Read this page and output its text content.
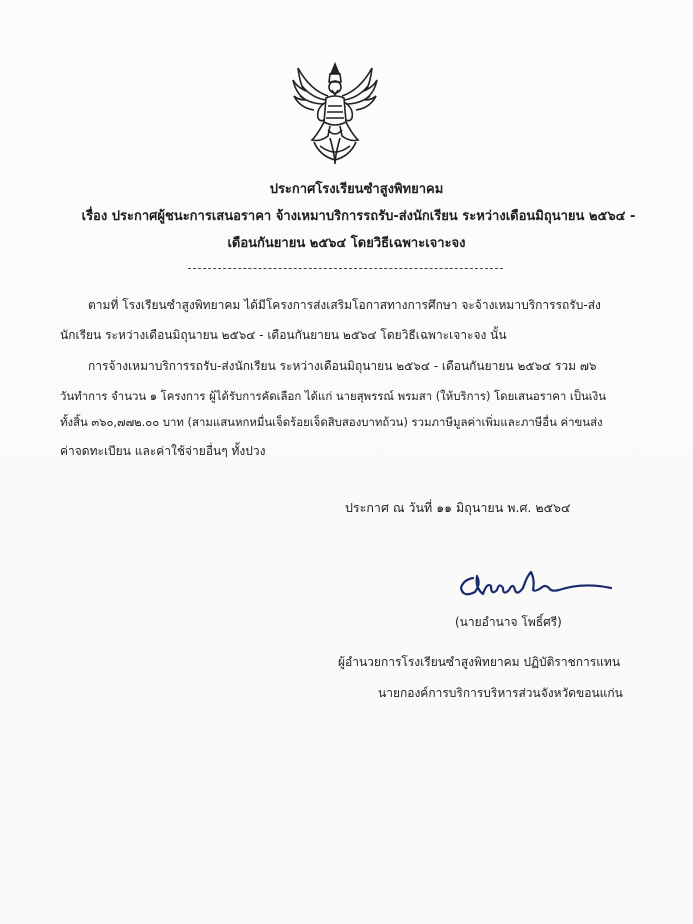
ประกาศโรงเรียนซำสูงพิทยาคม
เรื่อง ประกาศผู้ชนะการเสนอราคา จ้างเหมาบริการรถรับ-ส่งนักเรียน ระหว่างเดือนมิถุนายน ๒๕๖๔ -
เดือนกันยายน ๒๕๖๔ โดยวิธีเฉพาะเจาะจง
ตามที่ โรงเรียนซำสูงพิทยาคม ได้มีโครงการส่งเสริมโอกาสทางการศึกษา จะจ้างเหมาบริการรถรับ-ส่ง
นักเรียน ระหว่างเดือนมิถุนายน ๒๕๖๔ - เดือนกันยายน ๒๕๖๔ โดยวิธีเฉพาะเจาะจง นั้น
การจ้างเหมาบริการรถรับ-ส่งนักเรียน ระหว่างเดือนมิถุนายน ๒๕๖๔ - เดือนกันยายน ๒๕๖๔ รวม ๗๖
วันทำการ จำนวน ๑ โครงการ ผู้ได้รับการคัดเลือก ได้แก่ นายสุพรรณ์ พรมสา (ให้บริการ) โดยเสนอราคา เป็นเงิน
ทั้งสิ้น ๓๖๐,๗๗๒.๐๐ บาท (สามแสนหกหมื่นเจ็ดร้อยเจ็ดสิบสองบาทถ้วน) รวมภาษีมูลค่าเพิ่มและภาษีอื่น ค่าขนส่ง
ค่าจดทะเบียน และค่าใช้จ่ายอื่นๆ ทั้งปวง
ประกาศ ณ วันที่ ๑๑ มิถุนายน พ.ศ. ๒๕๖๔
(นายอำนาจ โพธิ์ศรี)
ผู้อำนวยการโรงเรียนซำสูงพิทยาคม ปฏิบัติราชการแทน
นายกองค์การบริการบริหารส่วนจังหวัดขอนแก่น
